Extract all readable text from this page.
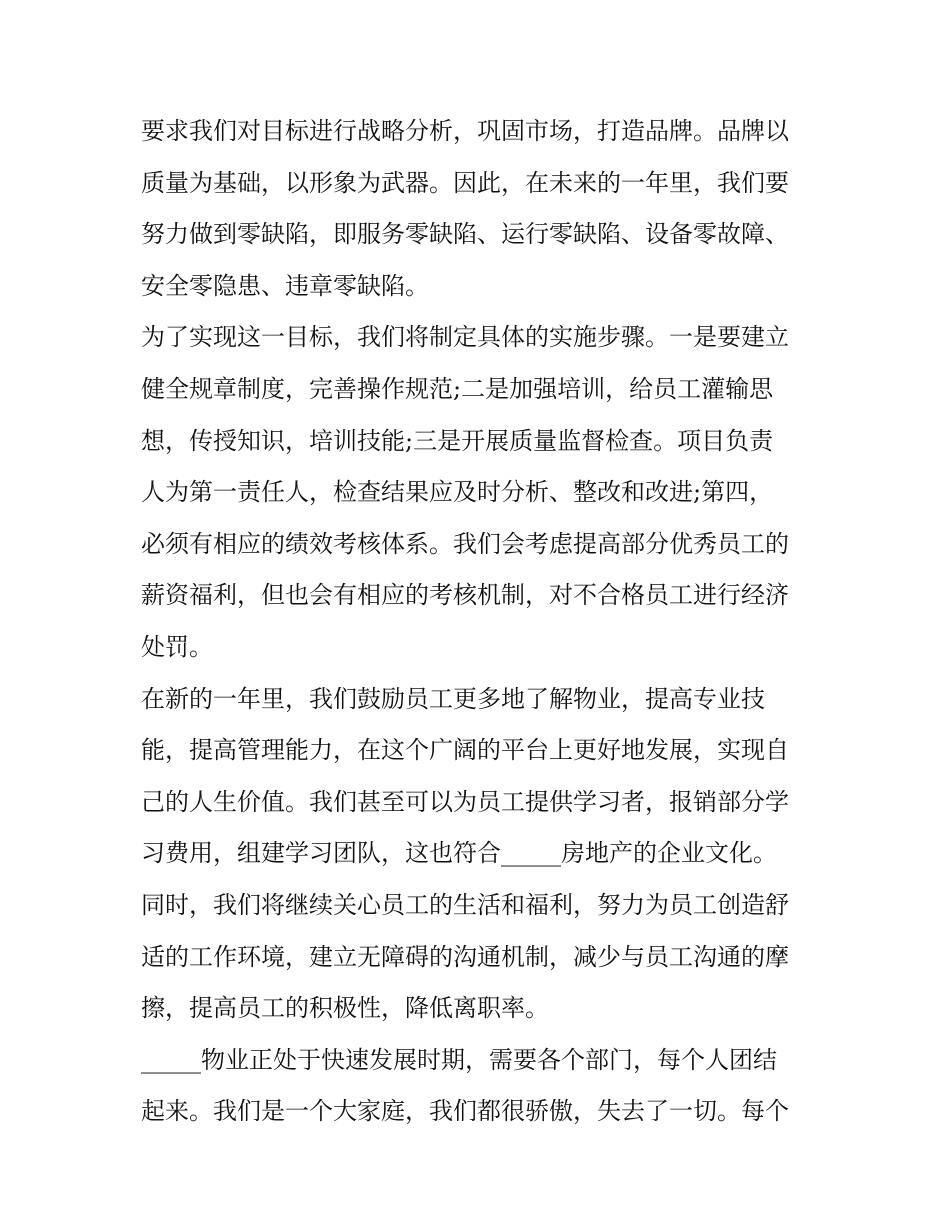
要求我们对目标进行战略分析，巩固市场，打造品牌。品牌以
质量为基础，以形象为武器。因此，在未来的一年里，我们要
努力做到零缺陷，即服务零缺陷、运行零缺陷、设备零故障、
安全零隐患、违章零缺陷。
为了实现这一目标，我们将制定具体的实施步骤。一是要建立
健全规章制度，完善操作规范;二是加强培训，给员工灌输思
想，传授知识，培训技能;三是开展质量监督检查。项目负责
人为第一责任人，检查结果应及时分析、整改和改进;第四，
必须有相应的绩效考核体系。我们会考虑提高部分优秀员工的
薪资福利，但也会有相应的考核机制，对不合格员工进行经济
处罚。
在新的一年里，我们鼓励员工更多地了解物业，提高专业技
能，提高管理能力，在这个广阔的平台上更好地发展，实现自
己的人生价值。我们甚至可以为员工提供学习者，报销部分学
习费用，组建学习团队，这也符合_____房地产的企业文化。
同时，我们将继续关心员工的生活和福利，努力为员工创造舒
适的工作环境，建立无障碍的沟通机制，减少与员工沟通的摩
擦，提高员工的积极性，降低离职率。
_____物业正处于快速发展时期，需要各个部门，每个人团结
起来。我们是一个大家庭，我们都很骄傲，失去了一切。每个
